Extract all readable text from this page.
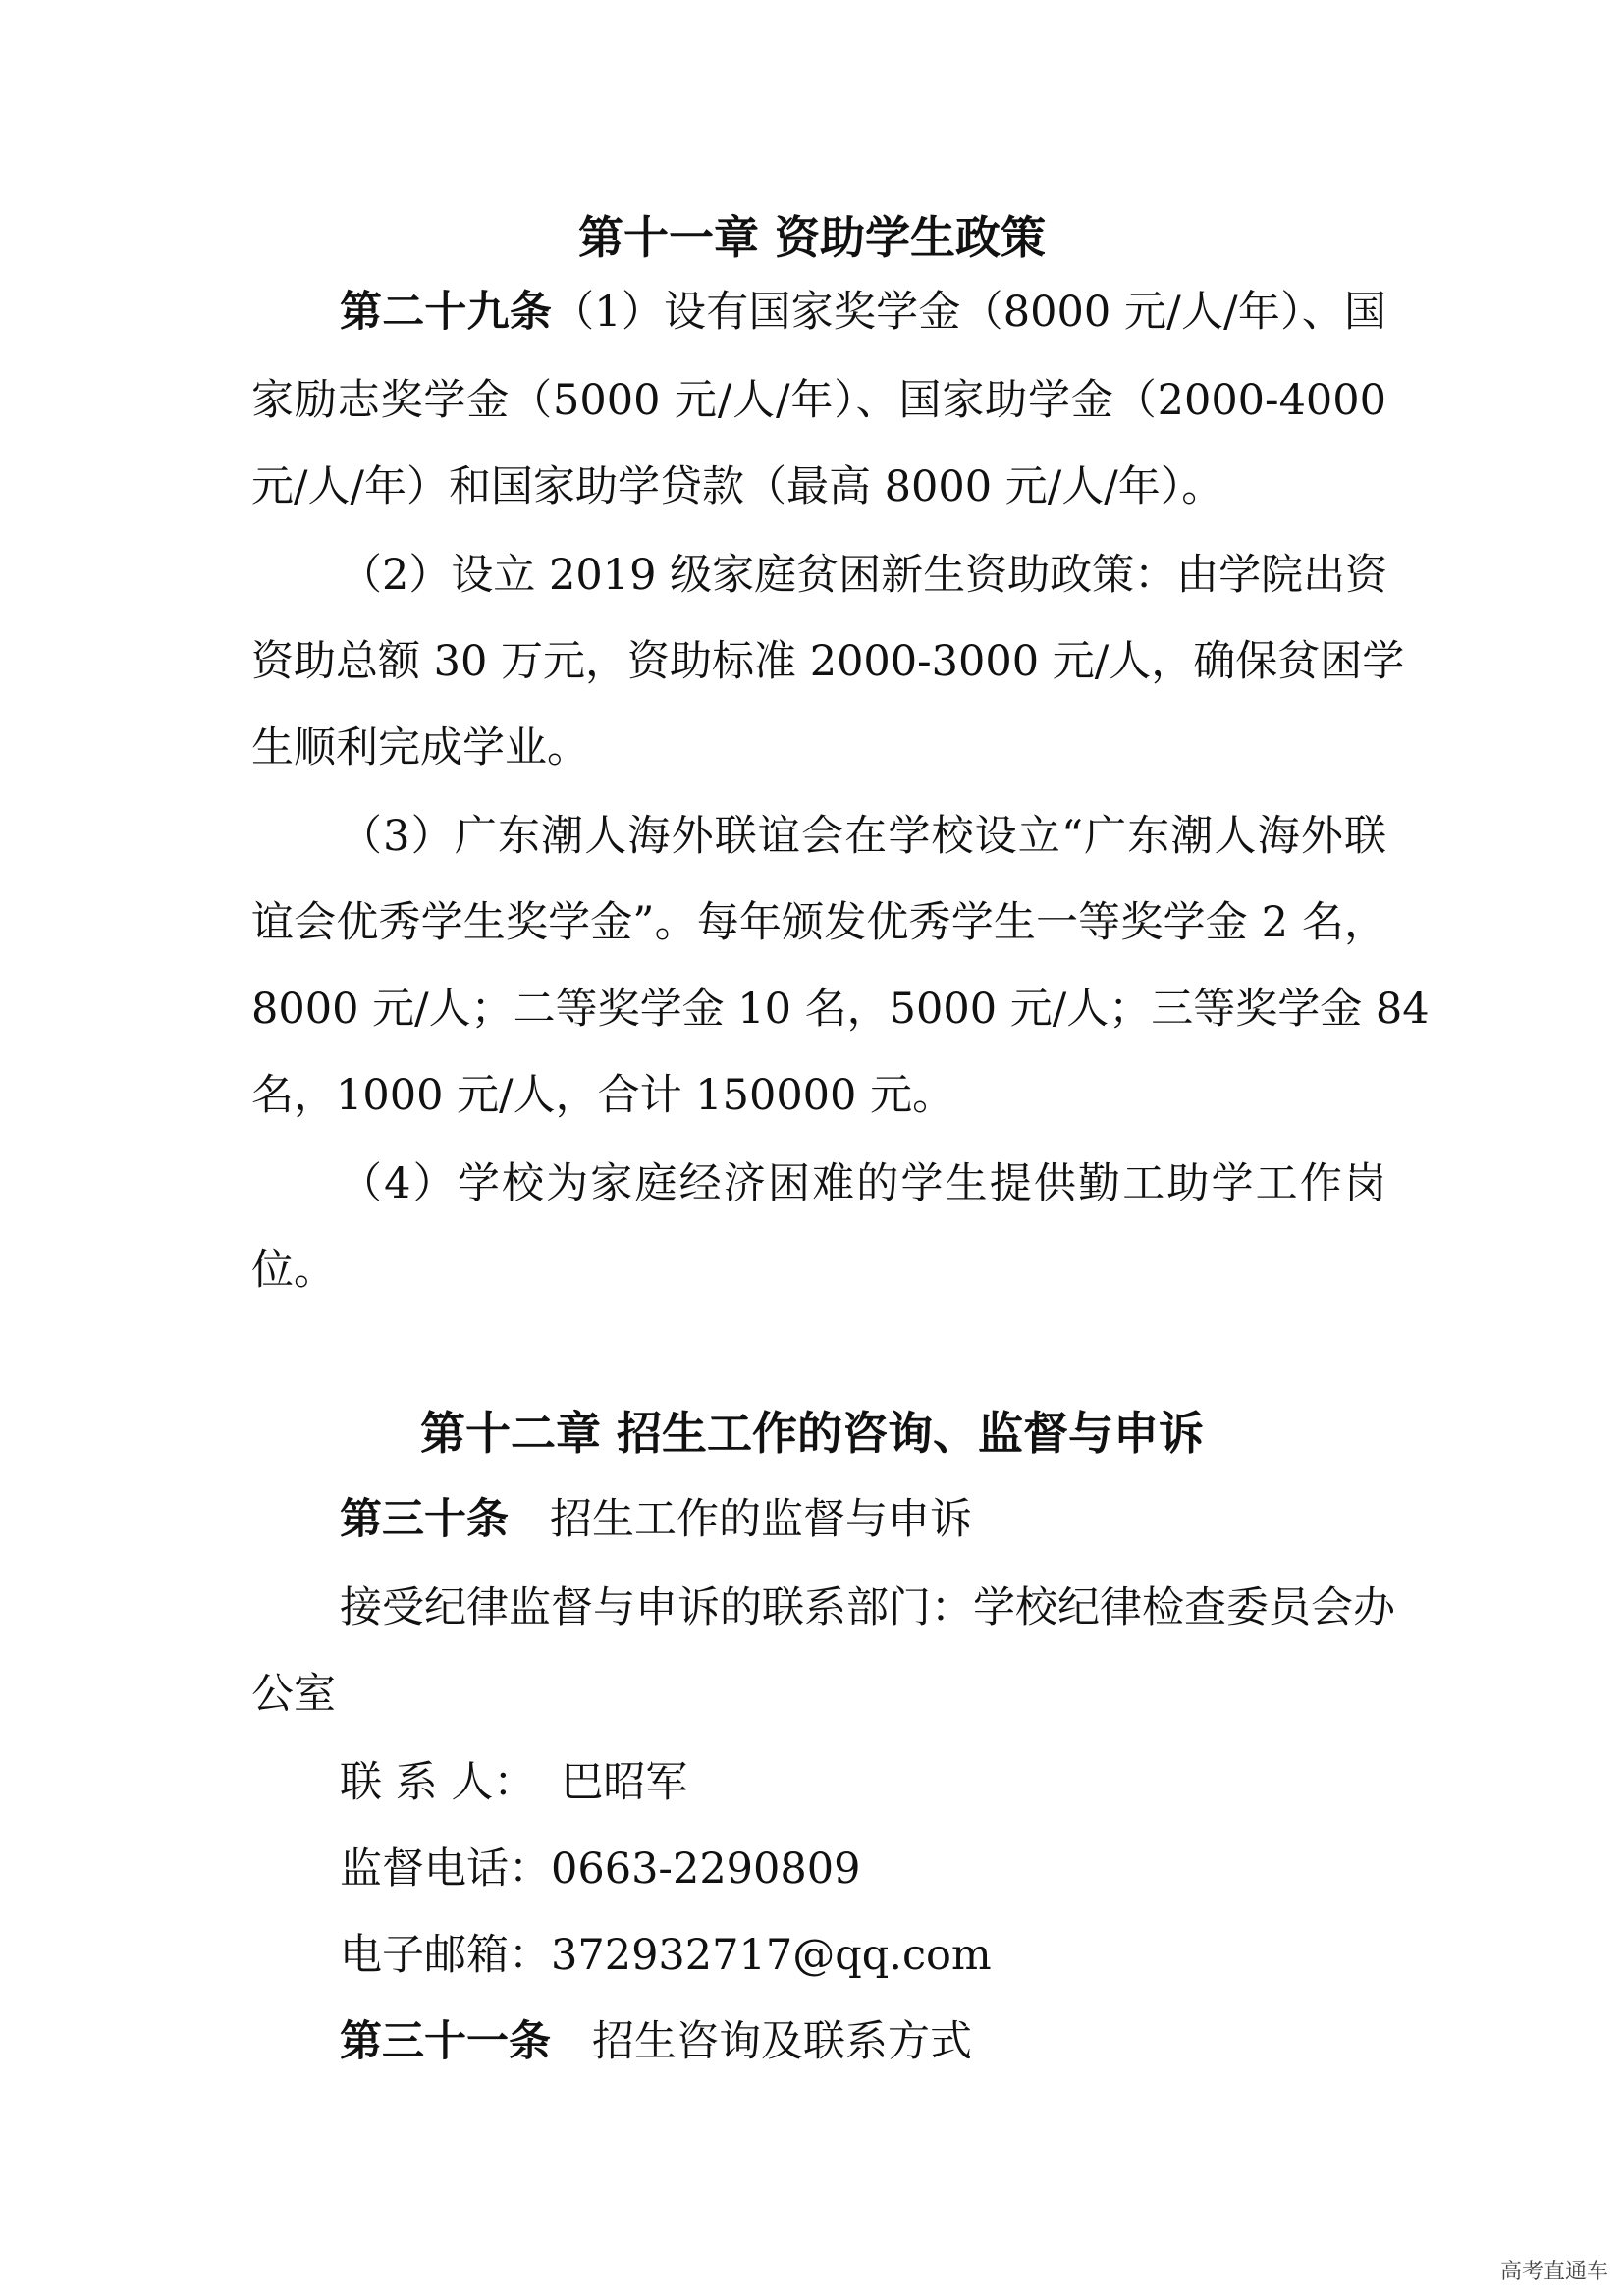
第十一章 资助学生政策

第二十九条（1）设有国家奖学金（8000 元/人/年）、国

家励志奖学金（5000 元/人/年）、国家助学金（2000-4000

元/人/年）和国家助学贷款（最高 8000 元/人/年）。

（2）设立 2019 级家庭贫困新生资助政策：由学院出资

资助总额 30 万元，资助标准 2000-3000 元/人，确保贫困学

生顺利完成学业。

（3）广东潮人海外联谊会在学校设立“广东潮人海外联

谊会优秀学生奖学金”。每年颁发优秀学生一等奖学金 2 名，

8000 元/人；二等奖学金 10 名，5000 元/人；三等奖学金 84

名，1000 元/人，合计 150000 元。

（4）学校为家庭经济困难的学生提供勤工助学工作岗

位。

第十二章 招生工作的咨询、监督与申诉

第三十条 招生工作的监督与申诉

接受纪律监督与申诉的联系部门：学校纪律检查委员会办

公室

联 系 人： 巴昭军

监督电话：0663-2290809

电子邮箱：372932717@qq.com

第三十一条 招生咨询及联系方式

高考直通车
